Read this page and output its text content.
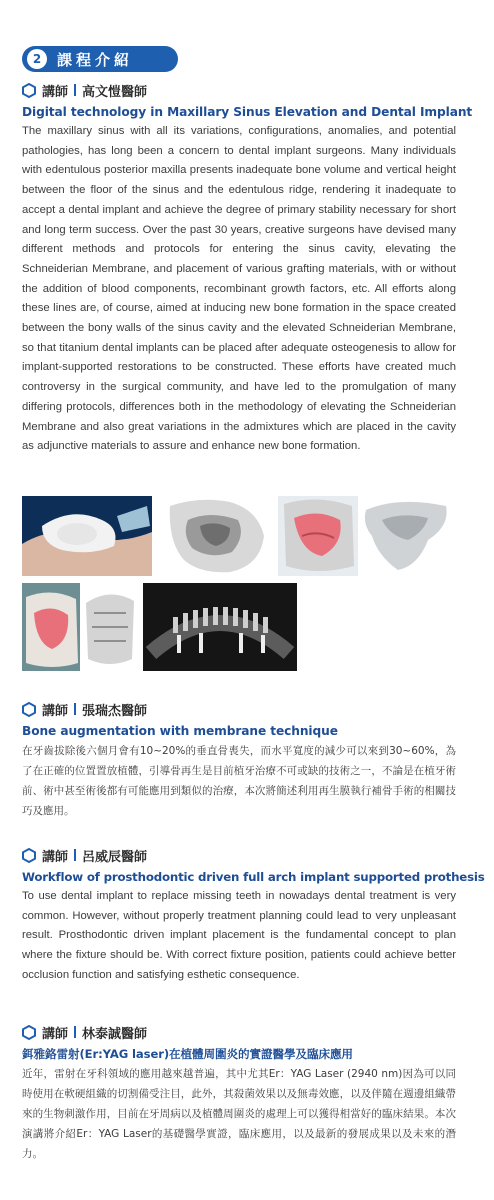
2	課程介紹
講師 高文愷醫師
Digital technology in Maxillary Sinus Elevation and Dental Implant
The maxillary sinus with all its variations, configurations, anomalies, and potential pathologies, has long been a concern to dental implant surgeons. Many individuals with edentulous posterior maxilla presents inadequate bone volume and vertical height between the floor of the sinus and the edentulous ridge, rendering it inadequate to accept a dental implant and achieve the degree of primary stability necessary for short and long term success. Over the past 30 years, creative surgeons have devised many different methods and protocols for entering the sinus cavity, elevating the Schneiderian Membrane, and placement of various grafting materials, with or without the addition of blood components, recombinant growth factors, etc. All efforts along these lines are, of course, aimed at inducing new bone formation in the space created between the bony walls of the sinus cavity and the elevated Schneiderian Membrane, so that titanium dental implants can be placed after adequate osteogenesis to allow for implant-supported restorations to be constructed. These efforts have created much controversy in the surgical community, and have led to the promulgation of many differing protocols, differences both in the methodology of elevating the Schneiderian Membrane and also great variations in the admixtures which are placed in the cavity as adjunctive materials to assure and enhance new bone formation.
講師 張瑞杰醫師
Bone augmentation with membrane technique
在牙齒拔除後六個月會有10~20%的垂直骨喪失，而水平寬度的減少可以來到30~60%，為了在正確的位置置放植體，引導骨再生是目前植牙治療不可或缺的技術之一，不論是在植牙術前、術中甚至術後都有可能應用到類似的治療，本次將簡述利用再生膜執行補骨手術的相關技巧及應用。
講師 呂威辰醫師
Workflow of prosthodontic driven full arch implant supported prothesis
To use dental implant to replace missing teeth in nowadays dental treatment is very common. However, without properly treatment planning could lead to very unpleasant result. Prosthodontic driven implant placement is the fundamental concept to plan where the fixture should be. With correct fixture position, patients could achieve better occlusion function and satisfying esthetic consequence.
講師 林泰誠醫師
鉺雅鉻雷射(Er:YAG laser)在植體周圍炎的實證醫學及臨床應用
近年，雷射在牙科領域的應用越來越普遍，其中尤其Er：YAG Laser (2940 nm)因為可以同時使用在軟硬組織的切割備受注目，此外，其殺菌效果以及無毒效應，以及伴隨在週邊組織帶來的生物刺激作用，目前在牙周病以及植體周圍炎的處理上可以獲得相當好的臨床結果。本次演講將介紹Er：YAG Laser的基礎醫學實證，臨床應用，以及最新的發展成果以及未來的潛力。
